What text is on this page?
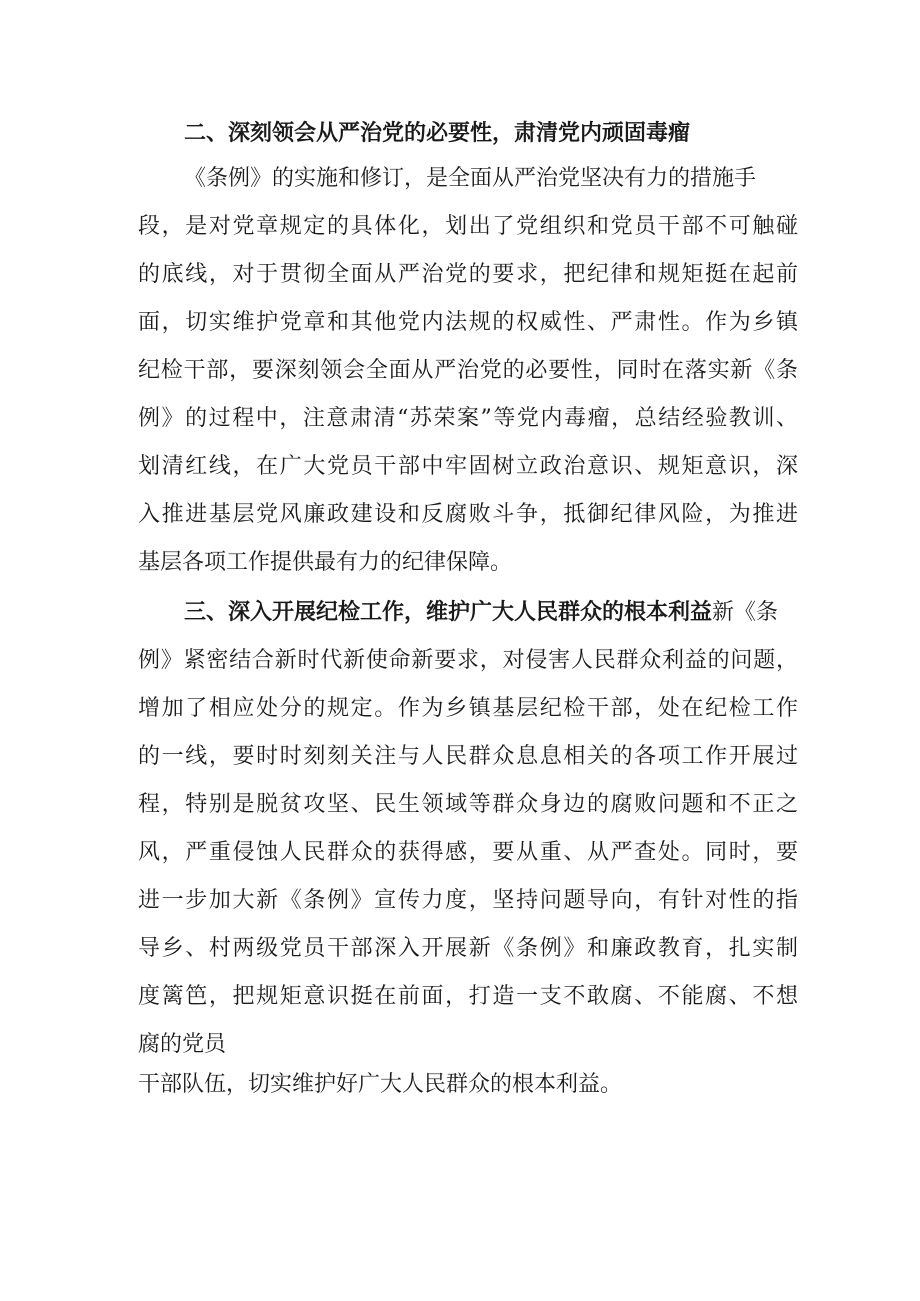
二、深刻领会从严治党的必要性，肃清党内顽固毒瘤
《条例》的实施和修订，是全面从严治党坚决有力的措施手
段，是对党章规定的具体化，划出了党组织和党员干部不可触碰
的底线，对于贯彻全面从严治党的要求，把纪律和规矩挺在起前
面，切实维护党章和其他党内法规的权威性、严肃性。作为乡镇
纪检干部，要深刻领会全面从严治党的必要性，同时在落实新《条
例》的过程中，注意肃清“苏荣案”等党内毒瘤，总结经验教训、
划清红线，在广大党员干部中牢固树立政治意识、规矩意识，深
入推进基层党风廉政建设和反腐败斗争，抵御纪律风险，为推进
基层各项工作提供最有力的纪律保障。
三、深入开展纪检工作，维护广大人民群众的根本利益新《条
例》紧密结合新时代新使命新要求，对侵害人民群众利益的问题，
增加了相应处分的规定。作为乡镇基层纪检干部，处在纪检工作
的一线，要时时刻刻关注与人民群众息息相关的各项工作开展过
程，特别是脱贫攻坚、民生领域等群众身边的腐败问题和不正之
风，严重侵蚀人民群众的获得感，要从重、从严查处。同时，要
进一步加大新《条例》宣传力度，坚持问题导向，有针对性的指
导乡、村两级党员干部深入开展新《条例》和廉政教育，扎实制
度篱笆，把规矩意识挺在前面，打造一支不敢腐、不能腐、不想
腐的党员
干部队伍，切实维护好广大人民群众的根本利益。
